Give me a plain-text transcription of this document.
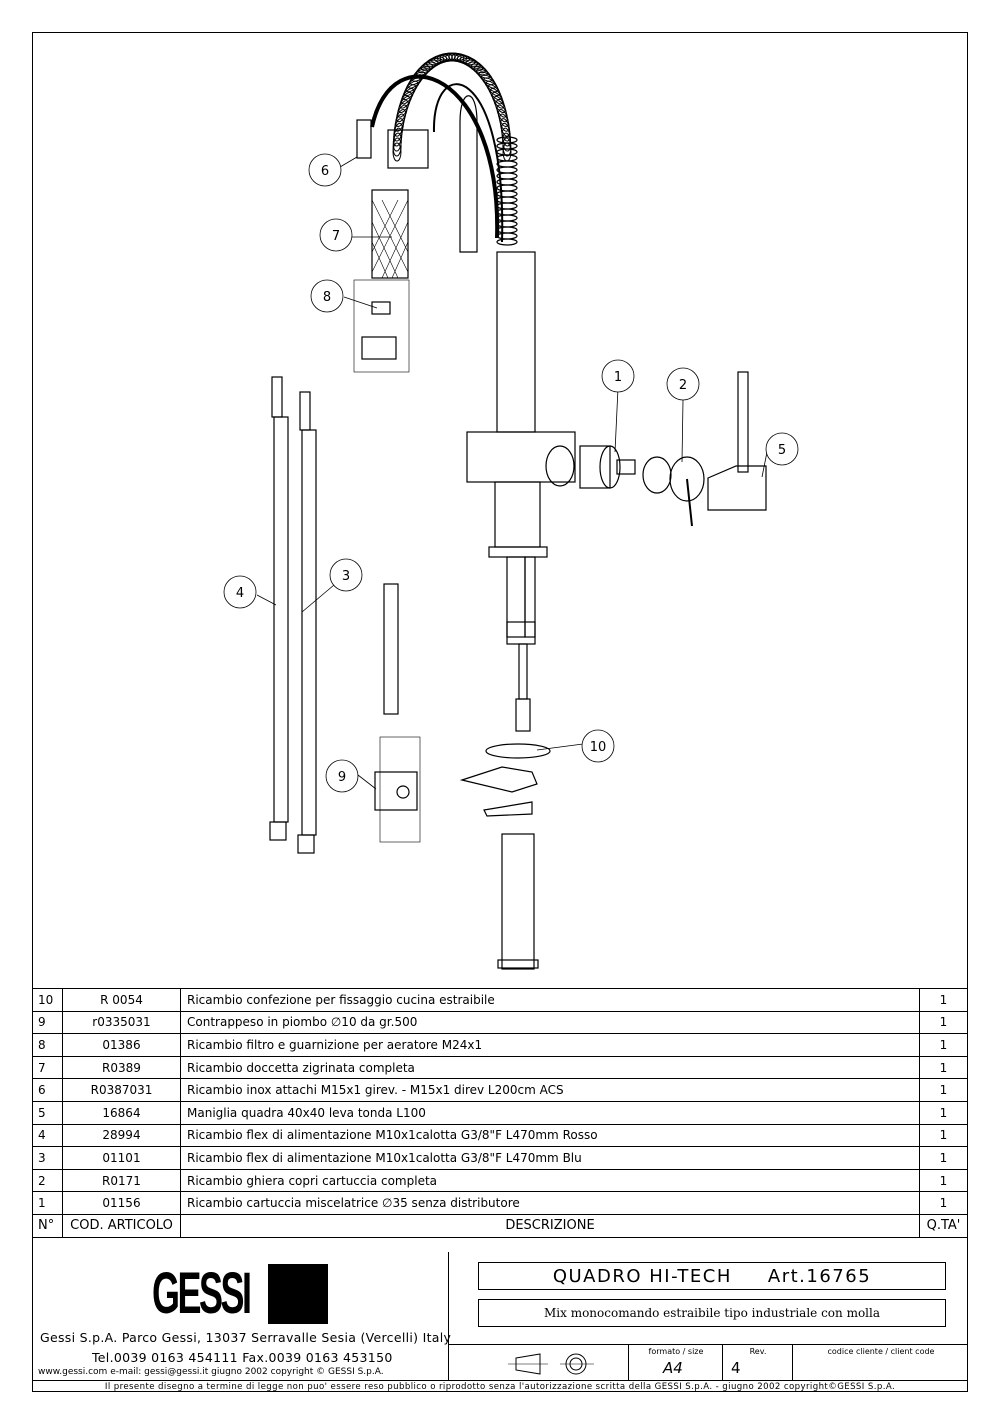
1
2
3
4
5
6
7
8
9
10
10	R 0054	Ricambio confezione per fissaggio cucina estraibile	1
9	r0335031	Contrappeso in piombo ∅10 da gr.500	1
8	01386	Ricambio filtro e guarnizione per aeratore M24x1	1
7	R0389	Ricambio doccetta zigrinata completa	1
6	R0387031	Ricambio inox attachi M15x1 girev. - M15x1 direv L200cm ACS	1
5	16864	Maniglia quadra 40x40 leva tonda L100	1
4	28994	Ricambio flex di alimentazione M10x1calotta G3/8"F L470mm Rosso	1
3	01101	Ricambio flex di alimentazione M10x1calotta G3/8"F L470mm Blu	1
2	R0171	Ricambio ghiera copri cartuccia completa	1
1	01156	Ricambio cartuccia miscelatrice ∅35 senza distributore	1
N°	COD. ARTICOLO	DESCRIZIONE	Q.TA'
GESSI
Gessi S.p.A. Parco Gessi, 13037 Serravalle Sesia (Vercelli) Italy
Tel.0039 0163 454111 Fax.0039 0163 453150
www.gessi.com e-mail: gessi@gessi.it giugno 2002 copyright © GESSI S.p.A.
QUADRO HI-TECH Art.16765
Mix monocomando estraibile tipo industriale con molla
formato / size
A4
Rev.
4
codice cliente / client code
Il presente disegno a termine di legge non puo' essere reso pubblico o riprodotto senza l'autorizzazione scritta della GESSI S.p.A. - giugno 2002 copyright©GESSI S.p.A.
